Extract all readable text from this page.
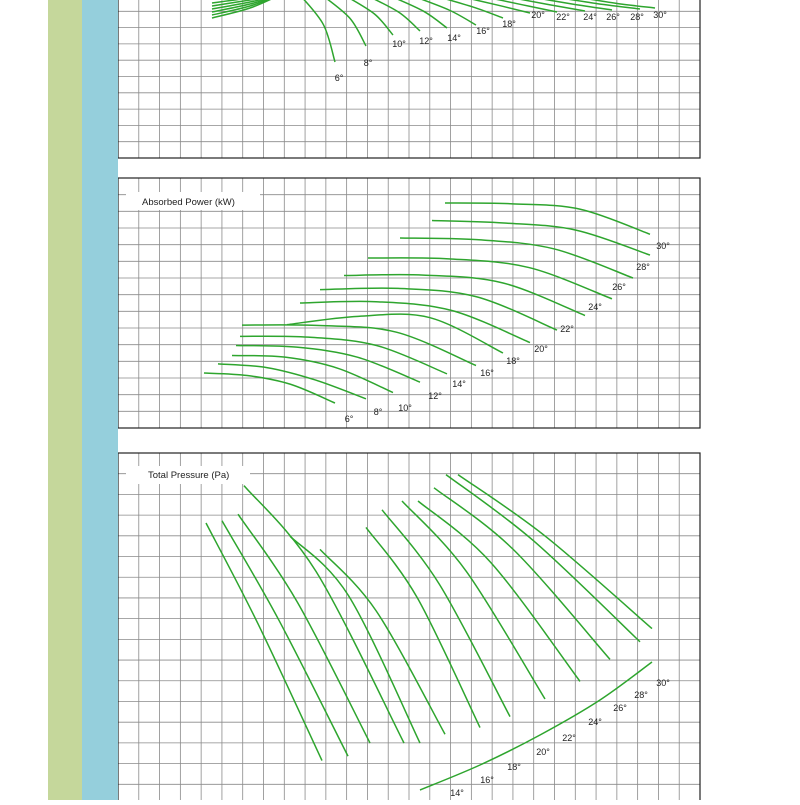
6°
8°
10° 12° 14°
16°
18°
20° 22° 24° 26° 28° 30°
Absorbed Power (kW)
6°
8° 10°
12°
14°
16°
18°
20°
22°
24°
26°
28°
30°
Total Pressure (Pa)
14°
16°
18°
20°
22°
24°
26°
28°
30°
